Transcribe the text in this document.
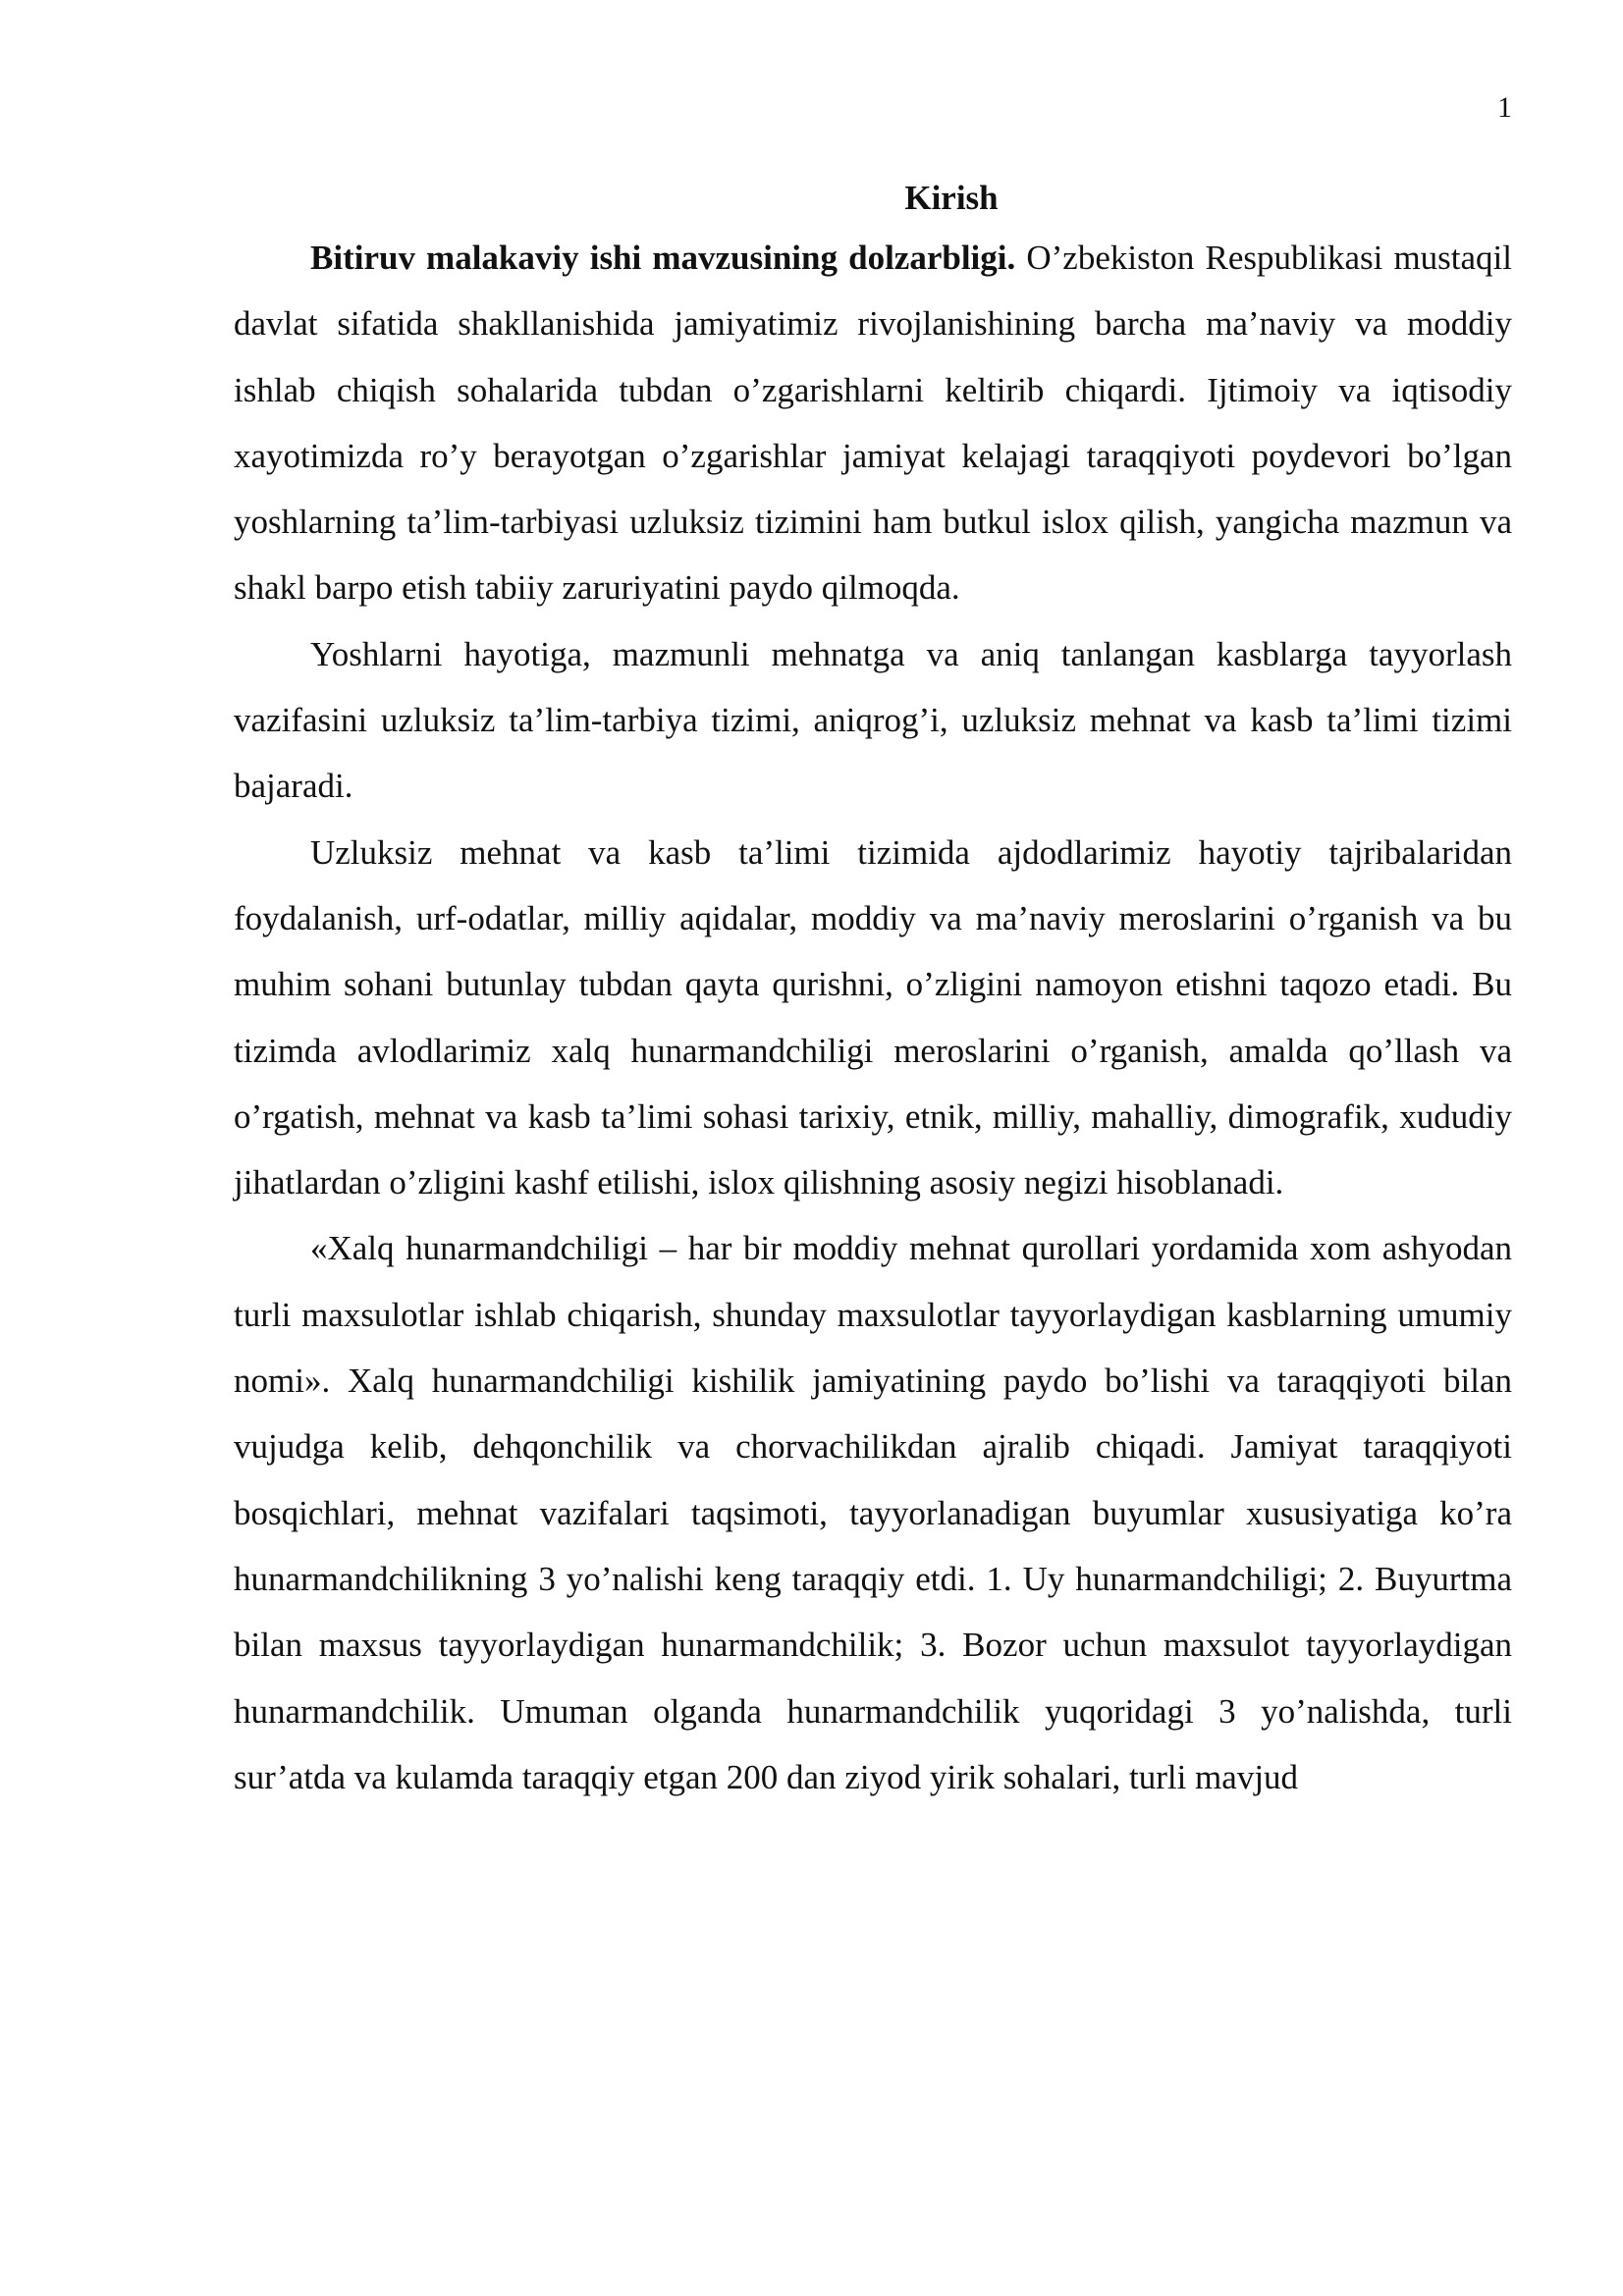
1
Kirish

Bitiruv malakaviy ishi mavzusining dolzarbligi. O’zbekiston Respublikasi mustaqil davlat sifatida shakllanishida jamiyatimiz rivojlanishining barcha ma’naviy va moddiy ishlab chiqish sohalarida tubdan o’zgarishlarni keltirib chiqardi. Ijtimoiy va iqtisodiy xayotimizda ro’y berayotgan o’zgarishlar jamiyat kelajagi taraqqiyoti poydevori bo’lgan yoshlarning ta’lim-tarbiyasi uzluksiz tizimini ham butkul islox qilish, yangicha mazmun va shakl barpo etish tabiiy zaruriyatini paydo qilmoqda.

Yoshlarni hayotiga, mazmunli mehnatga va aniq tanlangan kasblarga tayyorlash vazifasini uzluksiz ta’lim-tarbiya tizimi, aniqrog’i, uzluksiz mehnat va kasb ta’limi tizimi bajaradi.

Uzluksiz mehnat va kasb ta’limi tizimida ajdodlarimiz hayotiy tajribalaridan foydalanish, urf-odatlar, milliy aqidalar, moddiy va ma’naviy meroslarini o’rganish va bu muhim sohani butunlay tubdan qayta qurishni, o’zligini namoyon etishni taqozo etadi. Bu tizimda avlodlarimiz xalq hunarmandchiligi meroslarini o’rganish, amalda qo’llash va o’rgatish, mehnat va kasb ta’limi sohasi tarixiy, etnik, milliy, mahalliy, dimografik, xududiy jihatlardan o’zligini kashf etilishi, islox qilishning asosiy negizi hisoblanadi.

«Xalq hunarmandchiligi – har bir moddiy mehnat qurollari yordamida xom ashyodan turli maxsulotlar ishlab chiqarish, shunday maxsulotlar tayyorlaydigan kasblarning umumiy nomi». Xalq hunarmandchiligi kishilik jamiyatining paydo bo’lishi va taraqqiyoti bilan vujudga kelib, dehqonchilik va chorvachilikdan ajralib chiqadi. Jamiyat taraqqiyoti bosqichlari, mehnat vazifalari taqsimoti, tayyorlanadigan buyumlar xususiyatiga ko’ra hunarmandchilikning 3 yo’nalishi keng taraqqiy etdi. 1. Uy hunarmandchiligi; 2. Buyurtma bilan maxsus tayyorlaydigan hunarmandchilik; 3. Bozor uchun maxsulot tayyorlaydigan hunarmandchilik. Umuman olganda hunarmandchilik yuqoridagi 3 yo’nalishda, turli sur’atda va kulamda taraqqiy etgan 200 dan ziyod yirik sohalari, turli mavjud
